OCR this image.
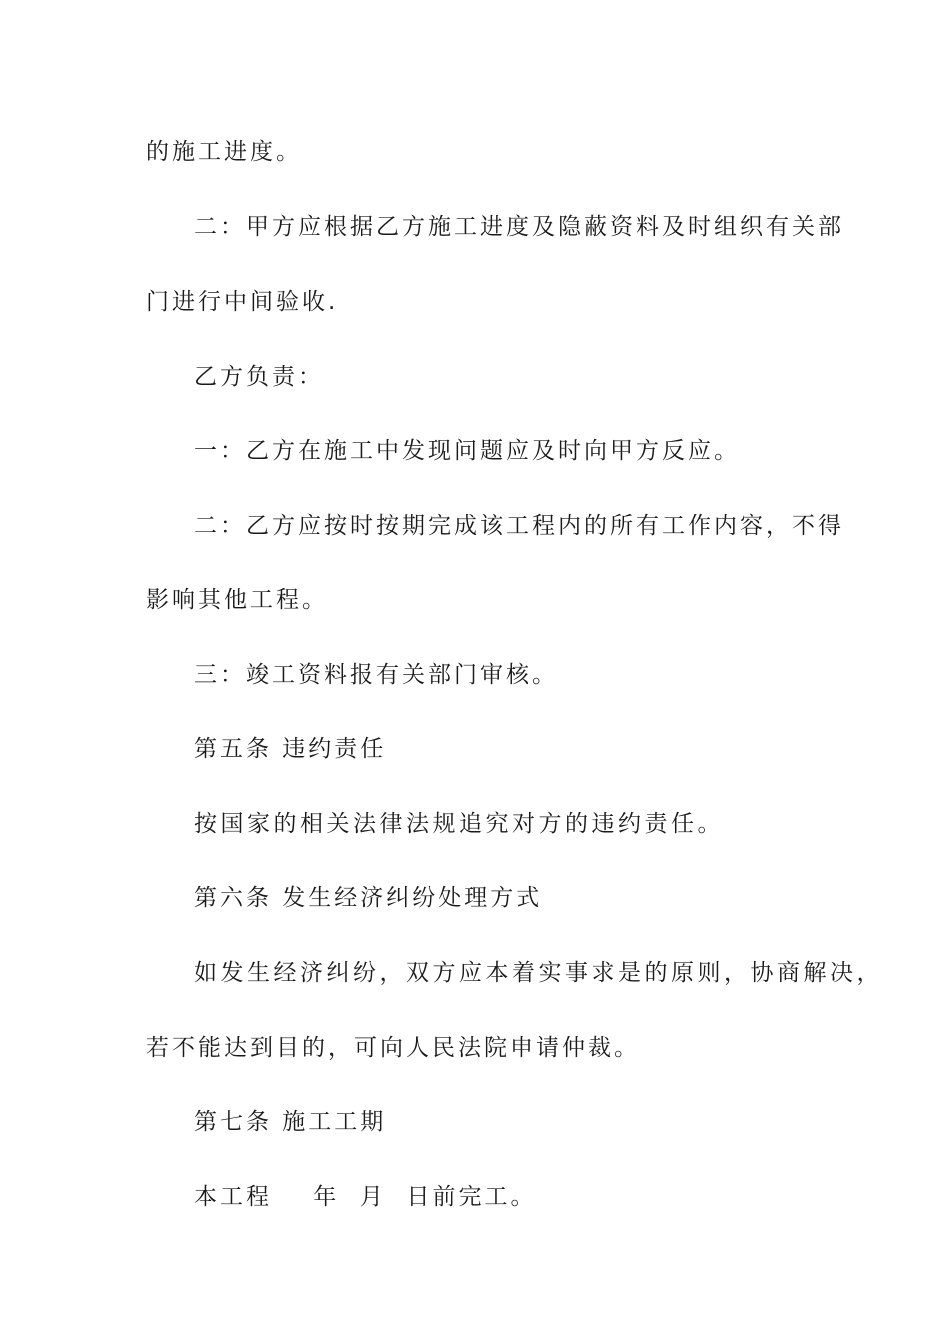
的施工进度。
二：甲方应根据乙方施工进度及隐蔽资料及时组织有关部
门进行中间验收.
乙方负责：
一：乙方在施工中发现问题应及时向甲方反应。
二：乙方应按时按期完成该工程内的所有工作内容，不得
影响其他工程。
三：竣工资料报有关部门审核。
第五条 违约责任
按国家的相关法律法规追究对方的违约责任。
第六条 发生经济纠纷处理方式
如发生经济纠纷，双方应本着实事求是的原则，协商解决，
若不能达到目的，可向人民法院申请仲裁。
第七条 施工工期
本工程    年  月  日前完工。
